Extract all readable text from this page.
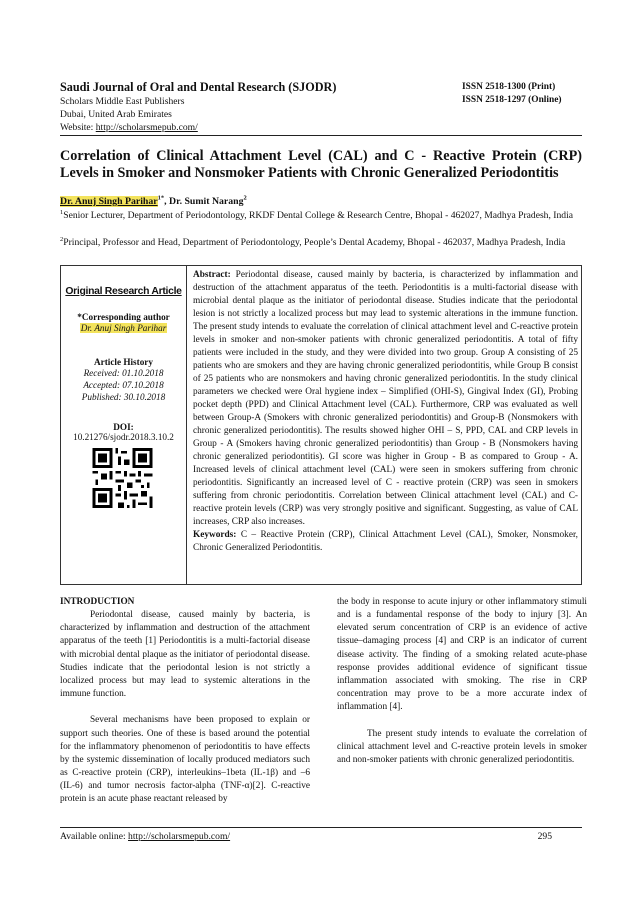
Saudi Journal of Oral and Dental Research (SJODR)
Scholars Middle East Publishers
Dubai, United Arab Emirates
Website: http://scholarsmepub.com/
ISSN 2518-1300 (Print)
ISSN 2518-1297 (Online)
Correlation of Clinical Attachment Level (CAL) and C - Reactive Protein (CRP) Levels in Smoker and Nonsmoker Patients with Chronic Generalized Periodontitis
Dr. Anuj Singh Parihar$^{1*}$, Dr. Sumit Narang$^2$
$^1$Senior Lecturer, Department of Periodontology, RKDF Dental College & Research Centre, Bhopal - 462027, Madhya Pradesh, India
$^2$Principal, Professor and Head, Department of Periodontology, People’s Dental Academy, Bhopal - 462037, Madhya Pradesh, India
Original Research Article
*Corresponding author
Dr. Anuj Singh Parihar
Article History
Received: 01.10.2018
Accepted: 07.10.2018
Published: 30.10.2018
DOI:
10.21276/sjodr.2018.3.10.2
Abstract: Periodontal disease, caused mainly by bacteria, is characterized by inflammation and destruction of the attachment apparatus of the teeth. Periodontitis is a multi-factorial disease with microbial dental plaque as the initiator of periodontal disease. Studies indicate that the periodontal lesion is not strictly a localized process but may lead to systemic alterations in the immune function. The present study intends to evaluate the correlation of clinical attachment level and C-reactive protein levels in smoker and non-smoker patients with chronic generalized periodontitis. A total of fifty patients were included in the study, and they were divided into two group. Group A consisting of 25 patients who are smokers and they are having chronic generalized periodontitis, while Group B consist of 25 patients who are nonsmokers and having chronic generalized periodontitis. In the study clinical parameters we checked were Oral hygiene index – Simplified (OHI-S), Gingival Index (GI), Probing pocket depth (PPD) and Clinical Attachment level (CAL). Furthermore, CRP was evaluated as well between Group-A (Smokers with chronic generalized periodontitis) and Group-B (Nonsmokers with chronic generalized periodontitis). The results showed higher OHI – S, PPD, CAL and CRP levels in Group - A (Smokers having chronic generalized periodontitis) than Group - B (Nonsmokers having chronic generalized periodontitis). GI score was higher in Group - B as compared to Group - A. Increased levels of clinical attachment level (CAL) were seen in smokers suffering from chronic periodontitis. Significantly an increased level of C - reactive protein (CRP) was seen in smokers suffering from chronic periodontitis. Correlation between Clinical attachment level (CAL) and C-reactive protein levels (CRP) was very strongly positive and significant. Suggesting, as value of CAL increases, CRP also increases.
Keywords: C – Reactive Protein (CRP), Clinical Attachment Level (CAL), Smoker, Nonsmoker, Chronic Generalized Periodontitis.
INTRODUCTION
Periodontal disease, caused mainly by bacteria, is characterized by inflammation and destruction of the attachment apparatus of the teeth [1] Periodontitis is a multi-factorial disease with microbial dental plaque as the initiator of periodontal disease. Studies indicate that the periodontal lesion is not strictly a localized process but may lead to systemic alterations in the immune function.

Several mechanisms have been proposed to explain or support such theories. One of these is based around the potential for the inflammatory phenomenon of periodontitis to have effects by the systemic dissemination of locally produced mediators such as C-reactive protein (CRP), interleukins–1beta (IL-1β) and –6 (IL-6) and tumor necrosis factor-alpha (TNF-α)[2]. C-reactive protein is an acute phase reactant released by
the body in response to acute injury or other inflammatory stimuli and is a fundamental response of the body to injury [3]. An elevated serum concentration of CRP is an evidence of active tissue–damaging process [4] and CRP is an indicator of current disease activity. The finding of a smoking related acute-phase response provides additional evidence of significant tissue inflammation associated with smoking. The rise in CRP concentration may prove to be a more accurate index of inflammation [4].

The present study intends to evaluate the correlation of clinical attachment level and C-reactive protein levels in smoker and non-smoker patients with chronic generalized periodontitis.
Available online: http://scholarsmepub.com/	295
